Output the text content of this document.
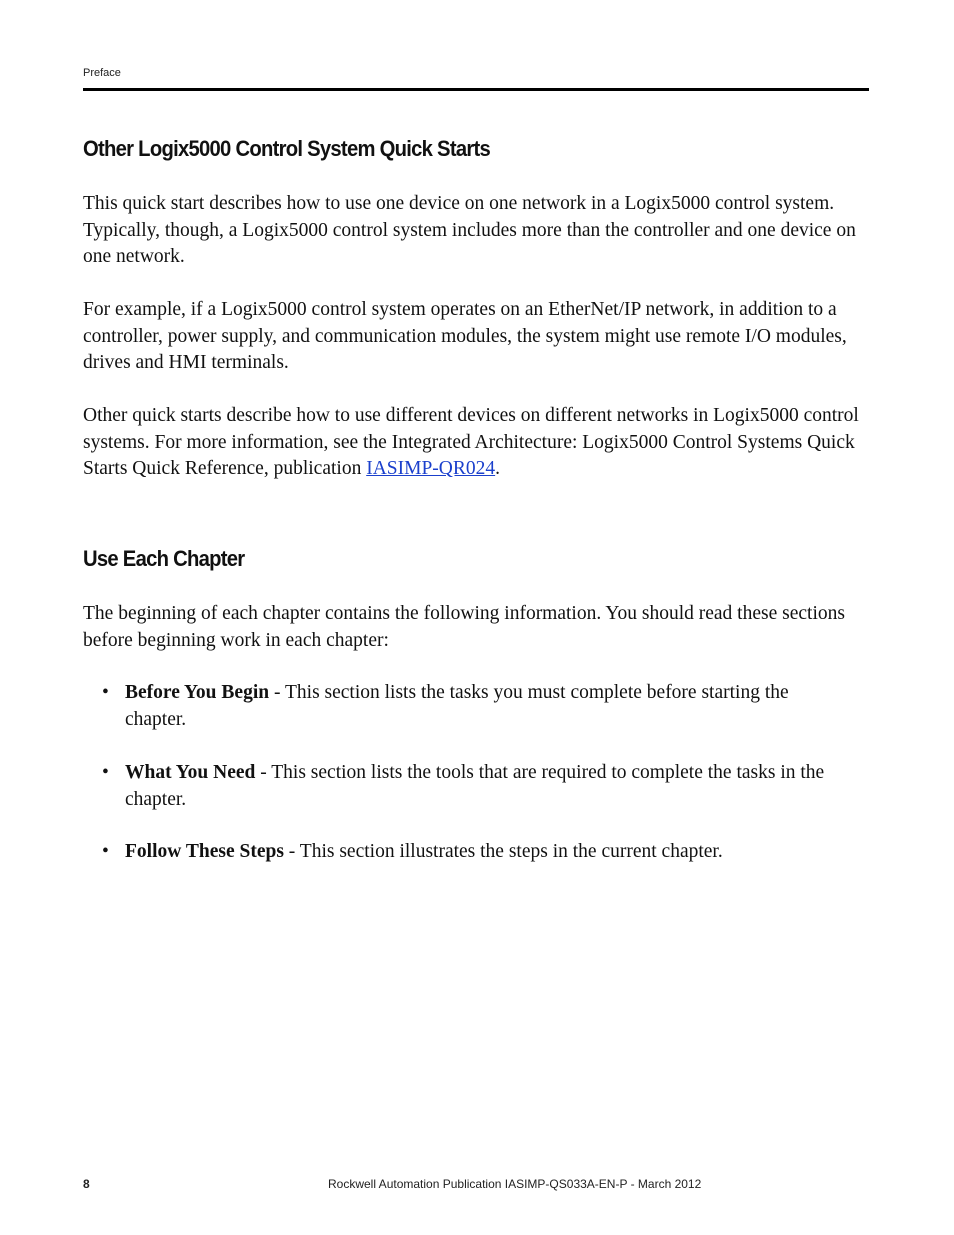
Preface
Other Logix5000 Control System Quick Starts

This quick start describes how to use one device on one network in a Logix5000 control system. Typically, though, a Logix5000 control system includes more than the controller and one device on one network.

For example, if a Logix5000 control system operates on an EtherNet/IP network, in addition to a controller, power supply, and communication modules, the system might use remote I/O modules, drives and HMI terminals.

Other quick starts describe how to use different devices on different networks in Logix5000 control systems. For more information, see the Integrated Architecture: Logix5000 Control Systems Quick Starts Quick Reference, publication IASIMP-QR024.

Use Each Chapter

The beginning of each chapter contains the following information. You should read these sections before beginning work in each chapter:

• Before You Begin - This section lists the tasks you must complete before starting the chapter.
• What You Need - This section lists the tools that are required to complete the tasks in the chapter.
• Follow These Steps - This section illustrates the steps in the current chapter.
8	Rockwell Automation Publication IASIMP-QS033A-EN-P - March 2012
